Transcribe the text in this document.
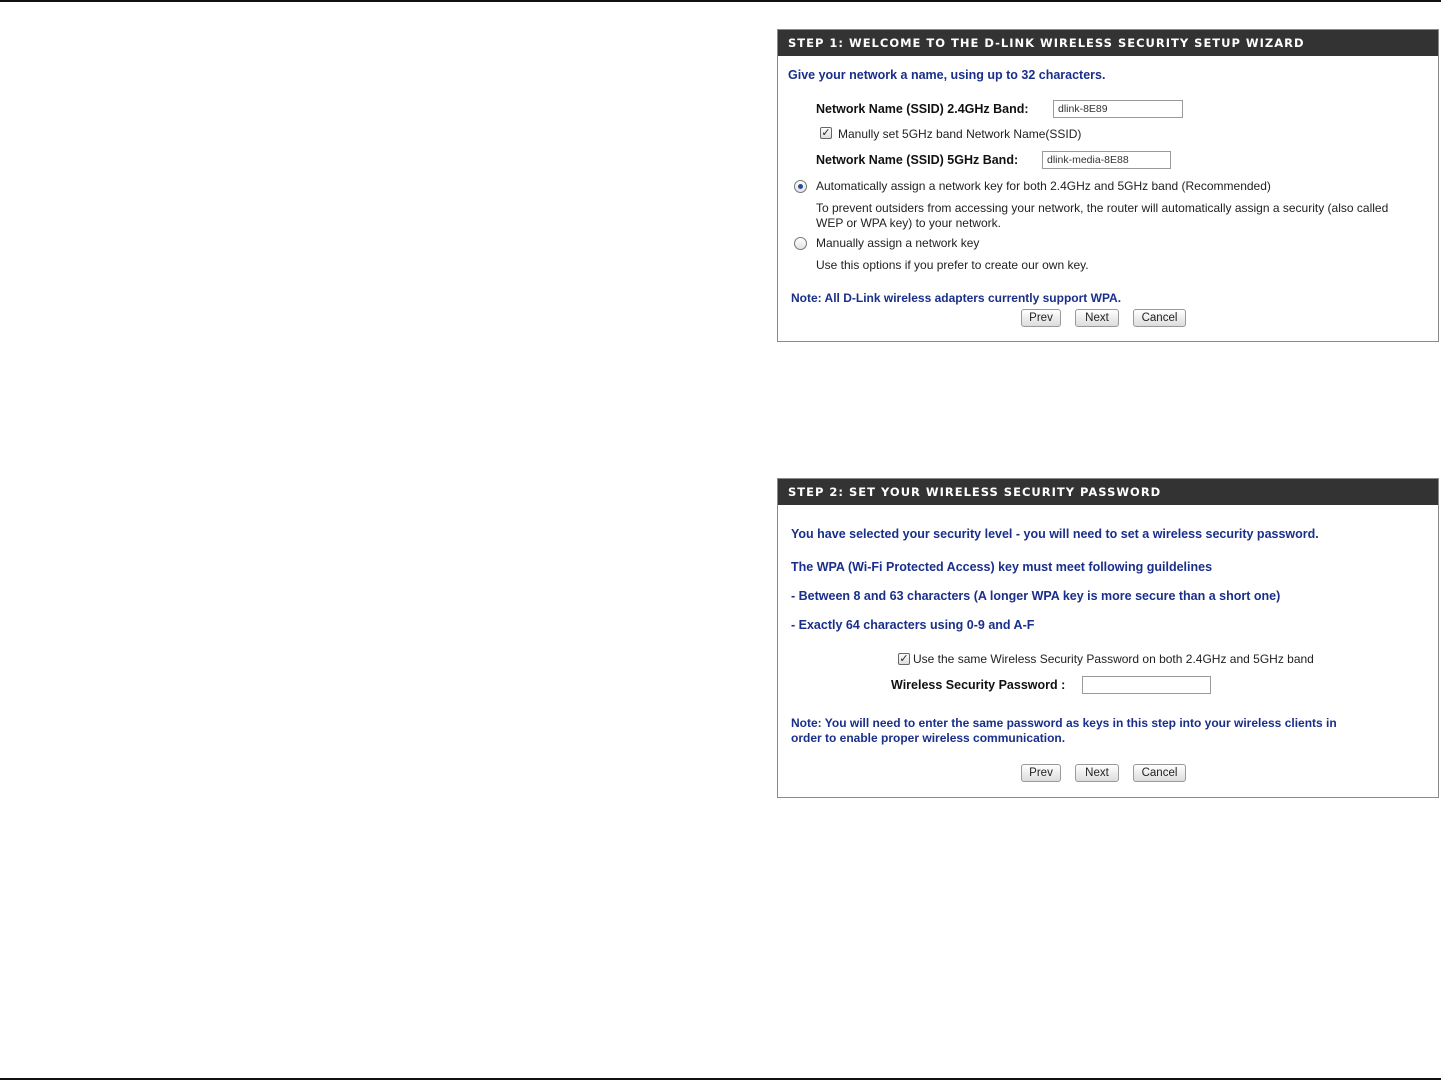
STEP 1: WELCOME TO THE D-LINK WIRELESS SECURITY SETUP WIZARD
Give your network a name, using up to 32 characters.
Network Name (SSID) 2.4GHz Band:
dlink-8E89
✓ Manully set 5GHz band Network Name(SSID)
Network Name (SSID) 5GHz Band:
dlink-media-8E88
Automatically assign a network key for both 2.4GHz and 5GHz band (Recommended)
To prevent outsiders from accessing your network, the router will automatically assign a security (also called
WEP or WPA key) to your network.
Manually assign a network key
Use this options if you prefer to create our own key.
Note: All D-Link wireless adapters currently support WPA.
Prev	Next	Cancel
STEP 2: SET YOUR WIRELESS SECURITY PASSWORD
You have selected your security level - you will need to set a wireless security password.
The WPA (Wi-Fi Protected Access) key must meet following guildelines
- Between 8 and 63 characters (A longer WPA key is more secure than a short one)
- Exactly 64 characters using 0-9 and A-F
✓ Use the same Wireless Security Password on both 2.4GHz and 5GHz band
Wireless Security Password :
Note: You will need to enter the same password as keys in this step into your wireless clients in
order to enable proper wireless communication.
Prev	Next	Cancel
